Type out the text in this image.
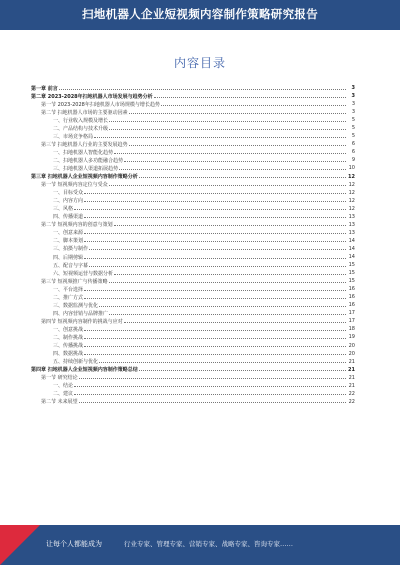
扫地机器人企业短视频内容制作策略研究报告
内容目录
第一章 前言	3
第二章 2023-2028年扫地机器人市场发展与趋势分析	3
第一节 2023-2028年扫地机器人市场规模与增长趋势	3
第二节 扫地机器人市场的主要驱动因素	3
一、行业收入规模及增长	5
二、产品结构与技术升级	5
三、市场竞争格局	5
第三节 扫地机器人行业的主要发展趋势	6
一、扫地机器人智能化趋势	6
二、扫地机器人多功能融合趋势	9
三、扫地机器人渠道拓展趋势	10
第三章 扫地机器人企业短视频内容制作策略分析	12
第一节 短视频内容定位与受众	12
一、目标受众	12
二、内容方向	12
三、风格	12
四、传播渠道	13
第二节 短视频内容的创意与策划	13
一、创意来源	13
二、脚本策划	14
三、拍摄与制作	14
四、后期剪辑	14
五、配音与字幕	15
六、短视频运营与数据分析	15
第三节 短视频推广与传播策略	15
一、平台选择	16
二、推广方式	16
三、数据监测与优化	16
四、内容营销与品牌推广	17
第四节 短视频内容制作的挑战与应对	17
一、创意挑战	18
二、制作挑战	19
三、传播挑战	20
四、数据挑战	20
五、持续创新与优化	21
第四章 扫地机器人企业短视频内容制作策略总结	21
第一节 研究结论	21
一、结论	21
二、建议	22
第二节 未来展望	22
让每个人都能成为	行业专家、管理专家、营销专家、战略专家、咨询专家……
